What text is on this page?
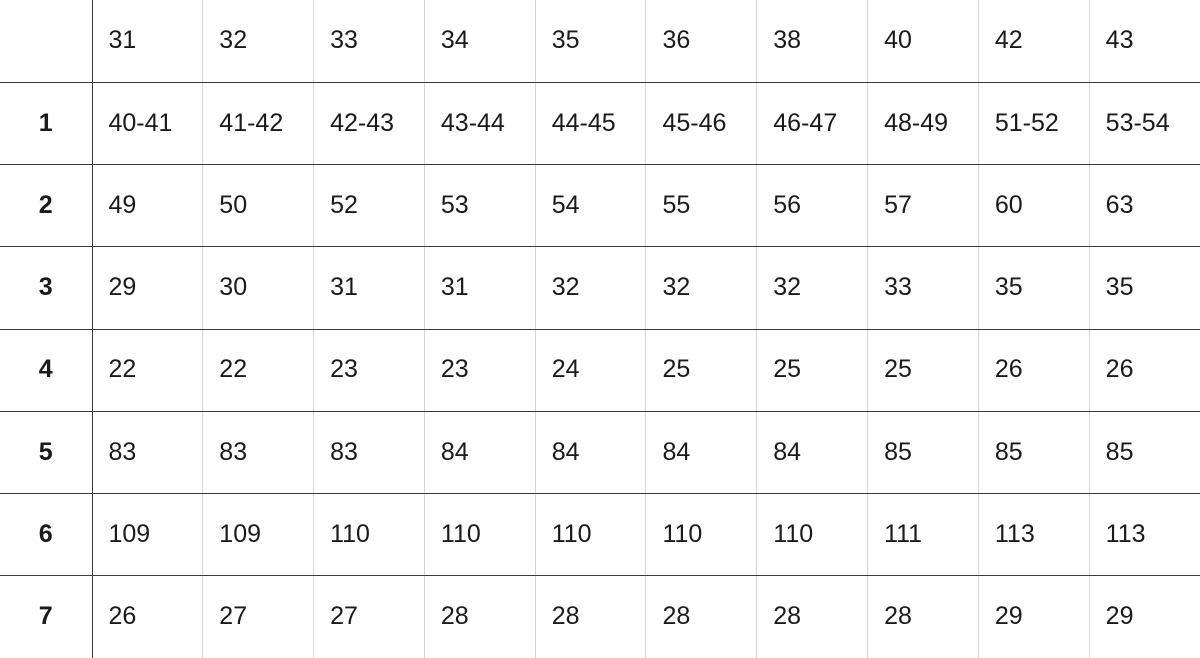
	31	32	33	34	35	36	38	40	42	43
1	40-41	41-42	42-43	43-44	44-45	45-46	46-47	48-49	51-52	53-54
2	49	50	52	53	54	55	56	57	60	63
3	29	30	31	31	32	32	32	33	35	35
4	22	22	23	23	24	25	25	25	26	26
5	83	83	83	84	84	84	84	85	85	85
6	109	109	110	110	110	110	110	111	113	113
7	26	27	27	28	28	28	28	28	29	29
